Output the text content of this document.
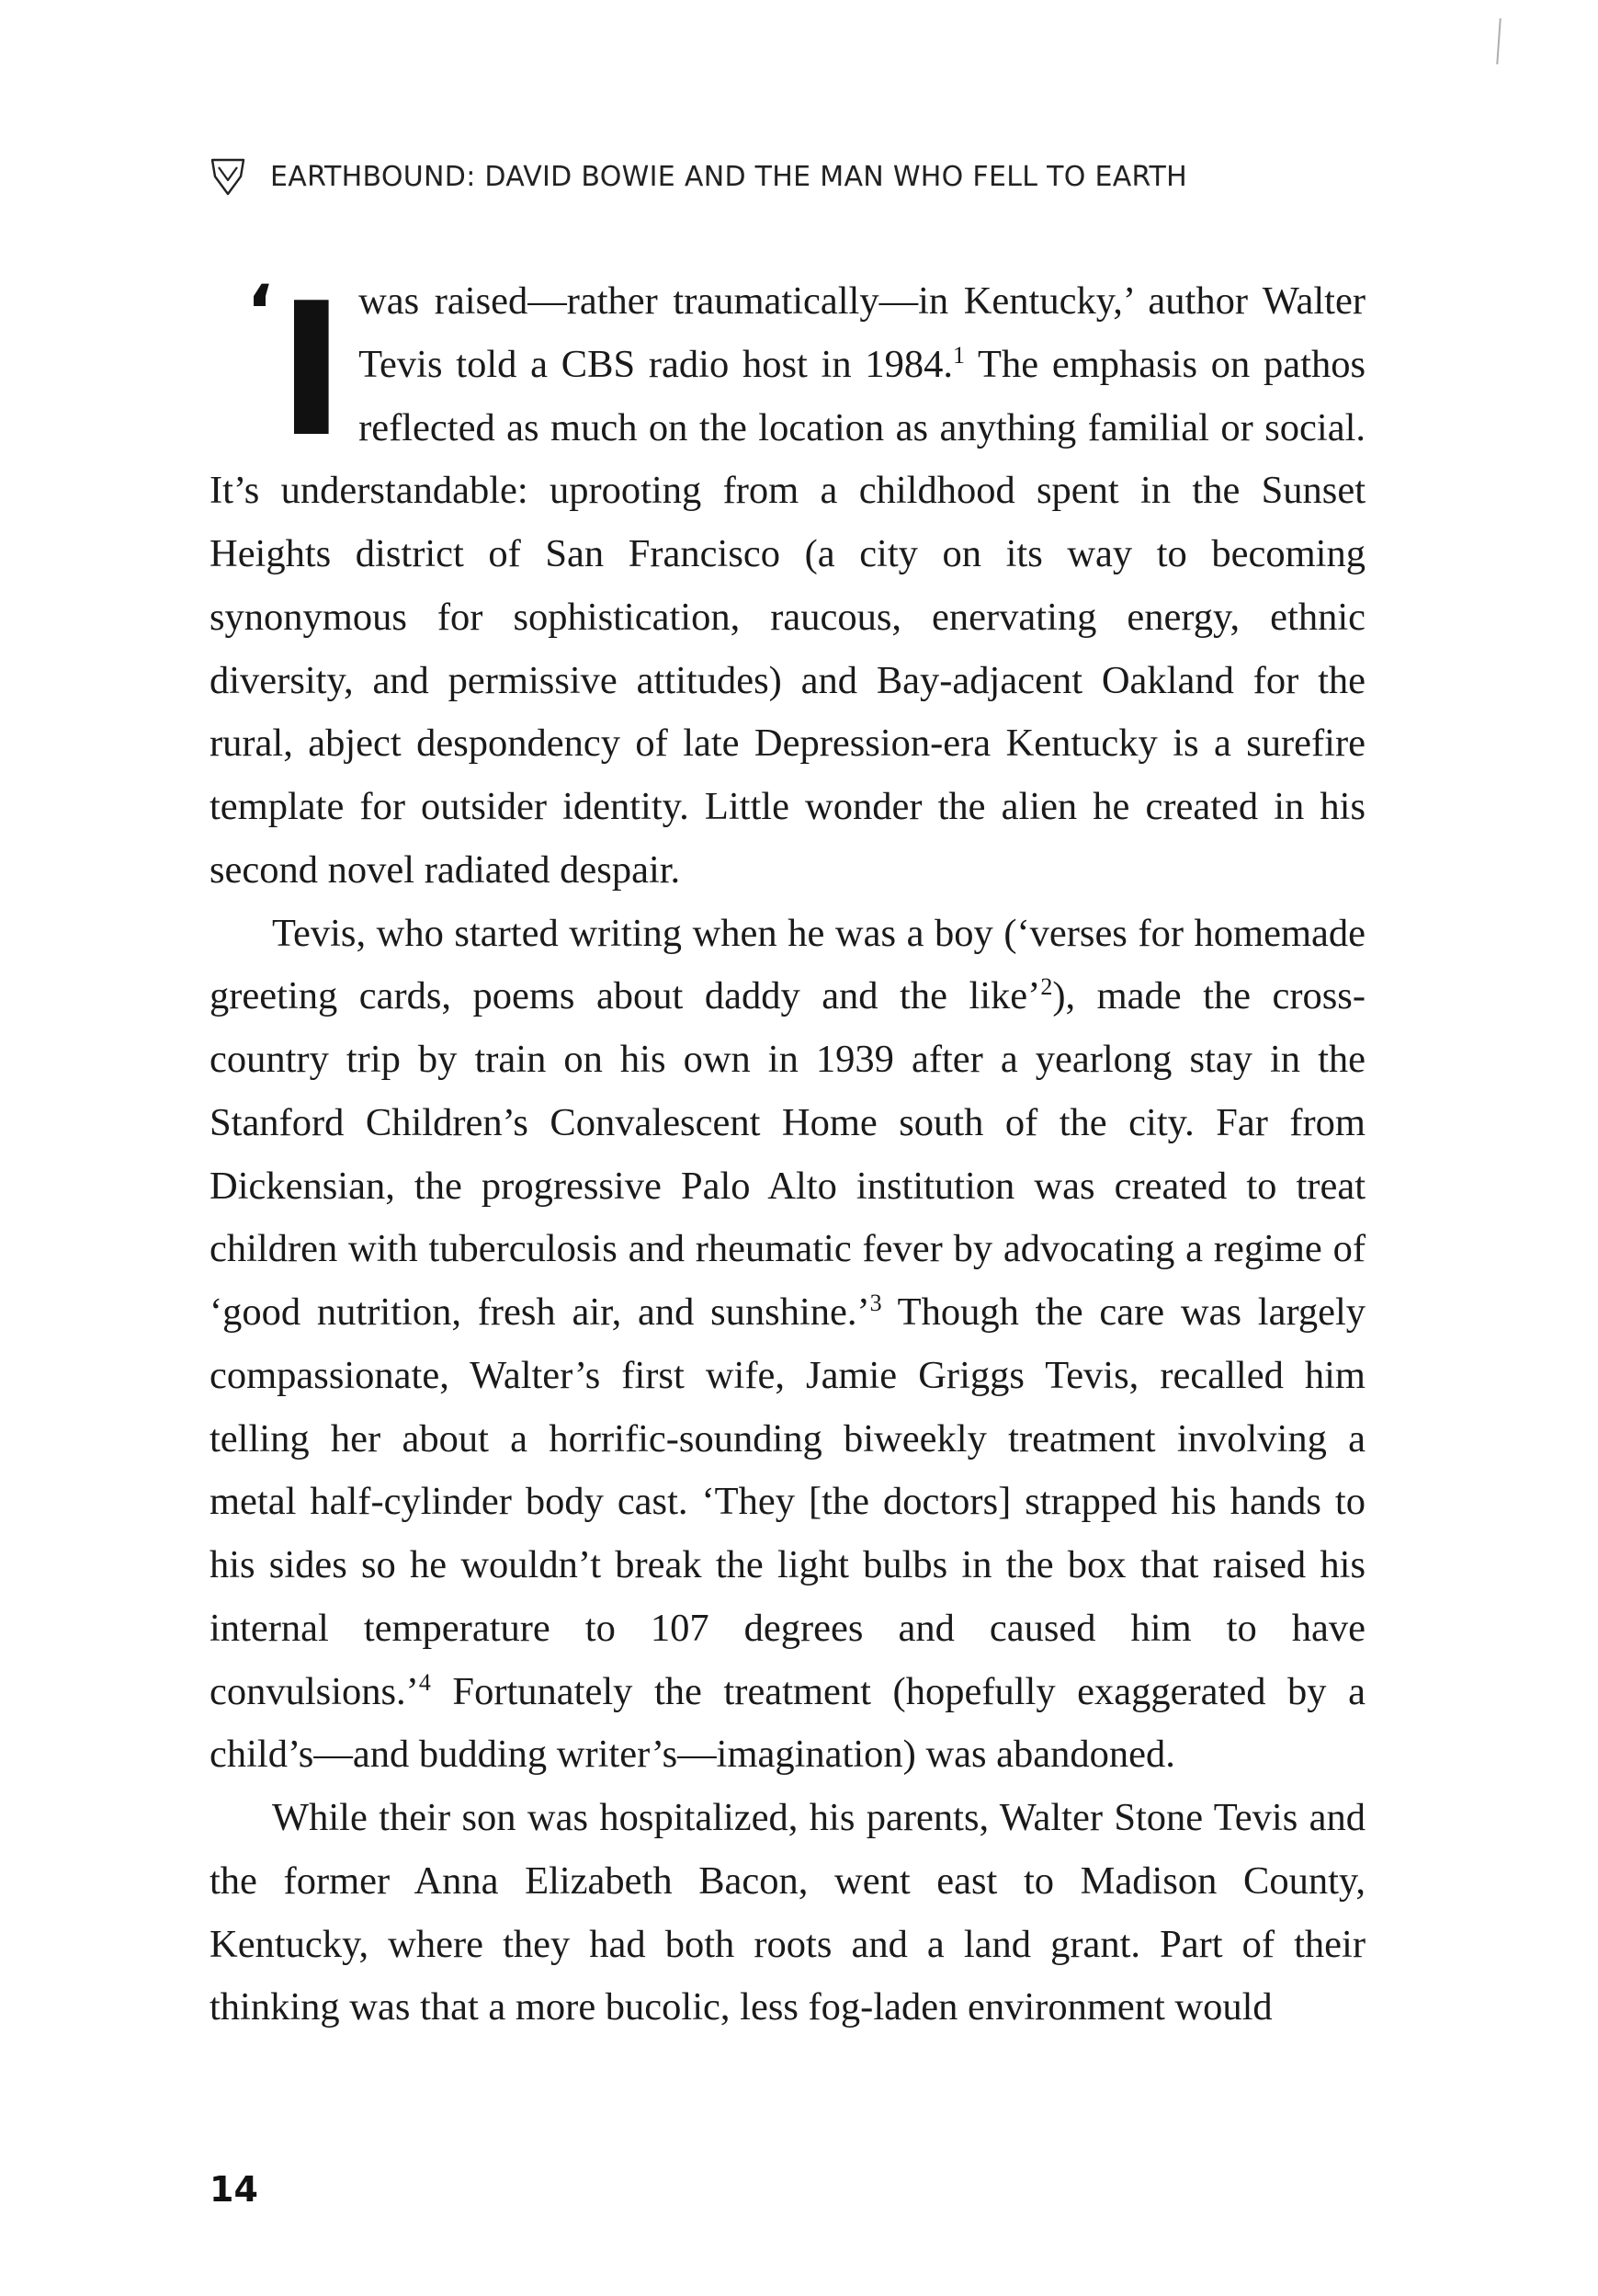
EARTHBOUND: DAVID BOWIE AND THE MAN WHO FELL TO EARTH

‘ I was raised—rather traumatically—in Kentucky,’ author Walter Tevis told a CBS radio host in 1984.$^1$ The emphasis on pathos reflected as much on the location as anything familial or social. It’s understandable: uprooting from a childhood spent in the Sunset Heights district of San Francisco (a city on its way to becoming synonymous for sophistication, raucous, enervating energy, ethnic diversity, and permissive attitudes) and Bay-adjacent Oakland for the rural, abject despondency of late Depression-era Kentucky is a surefire template for outsider identity. Little wonder the alien he created in his second novel radiated despair.

Tevis, who started writing when he was a boy (‘verses for homemade greeting cards, poems about daddy and the like’$^2$), made the cross-country trip by train on his own in 1939 after a yearlong stay in the Stanford Children’s Convalescent Home south of the city. Far from Dickensian, the progressive Palo Alto institution was created to treat children with tuberculosis and rheumatic fever by advocating a regime of ‘good nutrition, fresh air, and sunshine.’$^3$ Though the care was largely compassionate, Walter’s first wife, Jamie Griggs Tevis, recalled him telling her about a horrific-sounding biweekly treatment involving a metal half-cylinder body cast. ‘They [the doctors] strapped his hands to his sides so he wouldn’t break the light bulbs in the box that raised his internal temperature to 107 degrees and caused him to have convulsions.’$^4$ Fortunately the treatment (hopefully exaggerated by a child’s—and budding writer’s—imagination) was abandoned.

While their son was hospitalized, his parents, Walter Stone Tevis and the former Anna Elizabeth Bacon, went east to Madison County, Kentucky, where they had both roots and a land grant. Part of their thinking was that a more bucolic, less fog-laden environment would

14
